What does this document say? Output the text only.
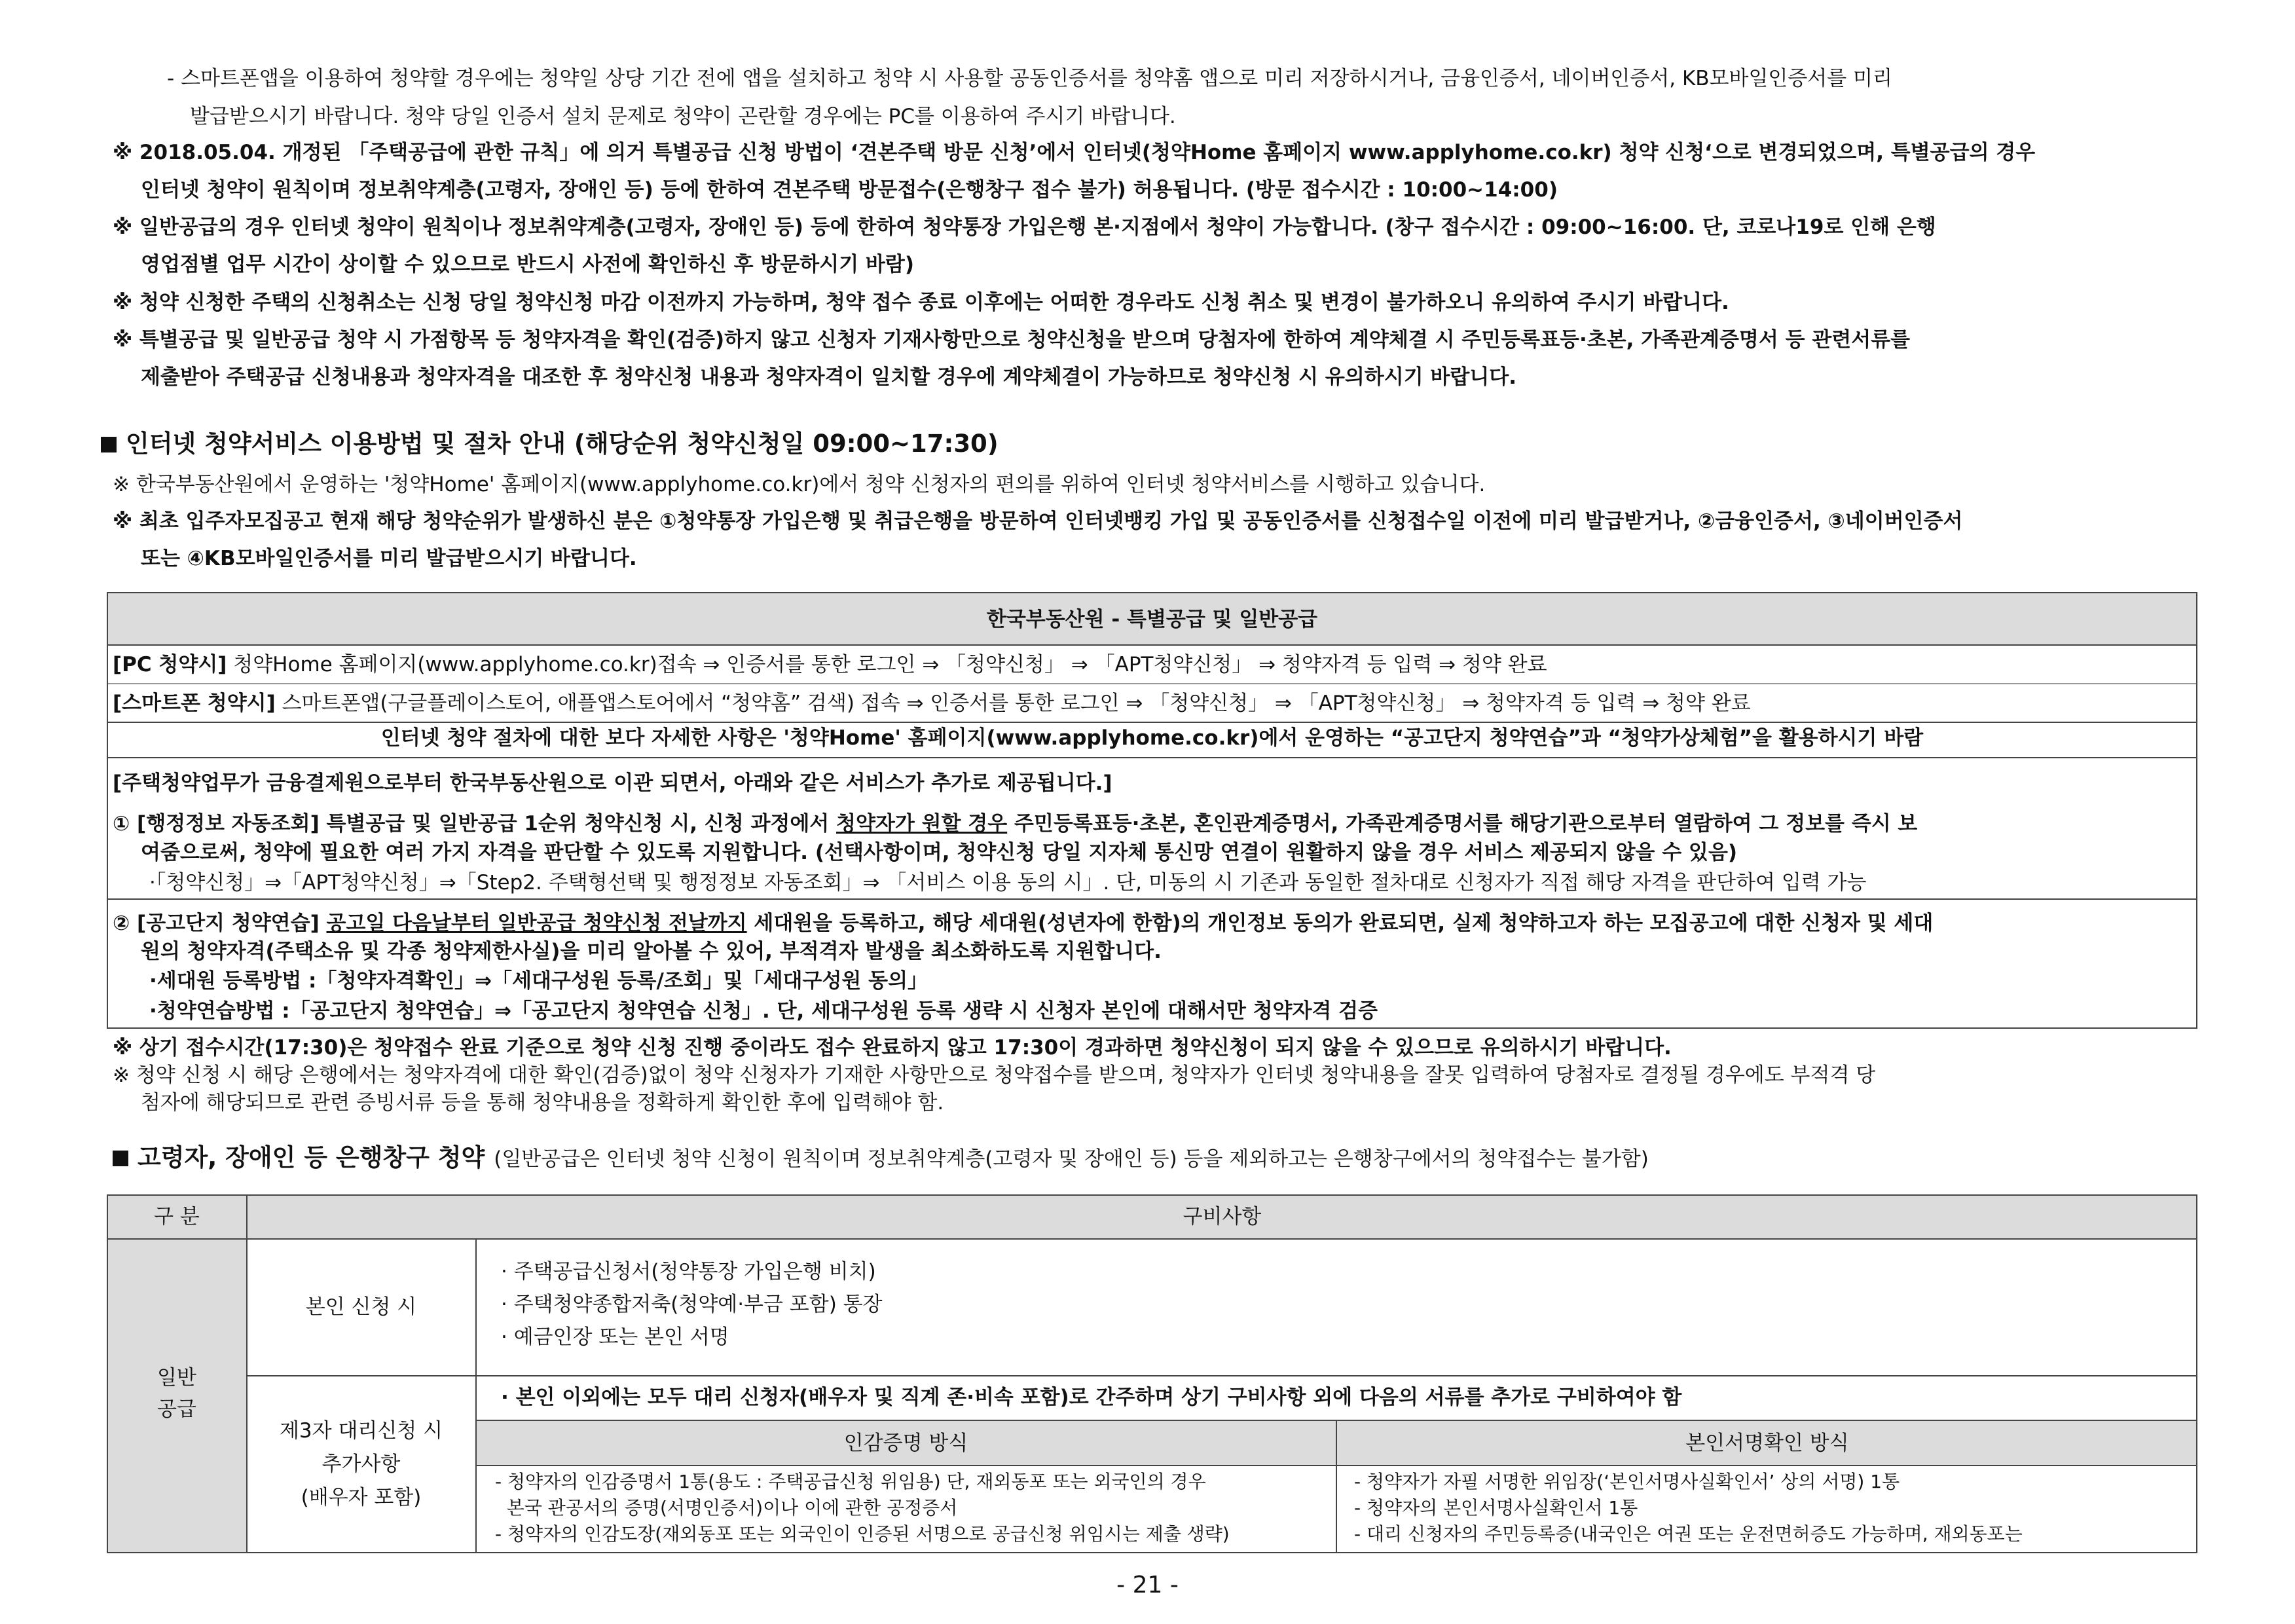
- 스마트폰앱을 이용하여 청약할 경우에는 청약일 상당 기간 전에 앱을 설치하고 청약 시 사용할 공동인증서를 청약홈 앱으로 미리 저장하시거나, 금융인증서, 네이버인증서, KB모바일인증서를 미리
발급받으시기 바랍니다. 청약 당일 인증서 설치 문제로 청약이 곤란할 경우에는 PC를 이용하여 주시기 바랍니다.
※ 2018.05.04. 개정된 「주택공급에 관한 규칙」에 의거 특별공급 신청 방법이 ‘견본주택 방문 신청’에서 인터넷(청약Home 홈페이지 www.applyhome.co.kr) 청약 신청‘으로 변경되었으며, 특별공급의 경우
인터넷 청약이 원칙이며 정보취약계층(고령자, 장애인 등) 등에 한하여 견본주택 방문접수(은행창구 접수 불가) 허용됩니다. (방문 접수시간 : 10:00∼14:00)
※ 일반공급의 경우 인터넷 청약이 원칙이나 정보취약계층(고령자, 장애인 등) 등에 한하여 청약통장 가입은행 본·지점에서 청약이 가능합니다. (창구 접수시간 : 09:00∼16:00. 단, 코로나19로 인해 은행
영업점별 업무 시간이 상이할 수 있으므로 반드시 사전에 확인하신 후 방문하시기 바람)
※ 청약 신청한 주택의 신청취소는 신청 당일 청약신청 마감 이전까지 가능하며, 청약 접수 종료 이후에는 어떠한 경우라도 신청 취소 및 변경이 불가하오니 유의하여 주시기 바랍니다.
※ 특별공급 및 일반공급 청약 시 가점항목 등 청약자격을 확인(검증)하지 않고 신청자 기재사항만으로 청약신청을 받으며 당첨자에 한하여 계약체결 시 주민등록표등·초본, 가족관계증명서 등 관련서류를
제출받아 주택공급 신청내용과 청약자격을 대조한 후 청약신청 내용과 청약자격이 일치할 경우에 계약체결이 가능하므로 청약신청 시 유의하시기 바랍니다.
인터넷 청약서비스 이용방법 및 절차 안내 (해당순위 청약신청일 09:00~17:30)
※ 한국부동산원에서 운영하는 '청약Home' 홈페이지(www.applyhome.co.kr)에서 청약 신청자의 편의를 위하여 인터넷 청약서비스를 시행하고 있습니다.
※ 최초 입주자모집공고 현재 해당 청약순위가 발생하신 분은 ①청약통장 가입은행 및 취급은행을 방문하여 인터넷뱅킹 가입 및 공동인증서를 신청접수일 이전에 미리 발급받거나, ②금융인증서, ③네이버인증서
또는 ④KB모바일인증서를 미리 발급받으시기 바랍니다.
한국부동산원 - 특별공급 및 일반공급
[PC 청약시] 청약Home 홈페이지(www.applyhome.co.kr)접속 ⇒ 인증서를 통한 로그인 ⇒ 「청약신청」 ⇒ 「APT청약신청」 ⇒ 청약자격 등 입력 ⇒ 청약 완료
[스마트폰 청약시] 스마트폰앱(구글플레이스토어, 애플앱스토어에서 “청약홈” 검색) 접속 ⇒ 인증서를 통한 로그인 ⇒ 「청약신청」 ⇒ 「APT청약신청」 ⇒ 청약자격 등 입력 ⇒ 청약 완료
인터넷 청약 절차에 대한 보다 자세한 사항은 '청약Home' 홈페이지(www.applyhome.co.kr)에서 운영하는 “공고단지 청약연습”과 “청약가상체험”을 활용하시기 바람
[주택청약업무가 금융결제원으로부터 한국부동산원으로 이관 되면서, 아래와 같은 서비스가 추가로 제공됩니다.]
① [행정정보 자동조회] 특별공급 및 일반공급 1순위 청약신청 시, 신청 과정에서 청약자가 원할 경우 주민등록표등·초본, 혼인관계증명서, 가족관계증명서를 해당기관으로부터 열람하여 그 정보를 즉시 보
여줌으로써, 청약에 필요한 여러 가지 자격을 판단할 수 있도록 지원합니다. (선택사항이며, 청약신청 당일 지자체 통신망 연결이 원활하지 않을 경우 서비스 제공되지 않을 수 있음)
·「청약신청」⇒「APT청약신청」⇒「Step2. 주택형선택 및 행정정보 자동조회」⇒ 「서비스 이용 동의 시」. 단, 미동의 시 기존과 동일한 절차대로 신청자가 직접 해당 자격을 판단하여 입력 가능
② [공고단지 청약연습] 공고일 다음날부터 일반공급 청약신청 전날까지 세대원을 등록하고, 해당 세대원(성년자에 한함)의 개인정보 동의가 완료되면, 실제 청약하고자 하는 모집공고에 대한 신청자 및 세대
원의 청약자격(주택소유 및 각종 청약제한사실)을 미리 알아볼 수 있어, 부적격자 발생을 최소화하도록 지원합니다.
·세대원 등록방법 :「청약자격확인」⇒「세대구성원 등록/조회」및「세대구성원 동의」
·청약연습방법 :「공고단지 청약연습」⇒「공고단지 청약연습 신청」. 단, 세대구성원 등록 생략 시 신청자 본인에 대해서만 청약자격 검증
※ 상기 접수시간(17:30)은 청약접수 완료 기준으로 청약 신청 진행 중이라도 접수 완료하지 않고 17:30이 경과하면 청약신청이 되지 않을 수 있으므로 유의하시기 바랍니다.
※ 청약 신청 시 해당 은행에서는 청약자격에 대한 확인(검증)없이 청약 신청자가 기재한 사항만으로 청약접수를 받으며, 청약자가 인터넷 청약내용을 잘못 입력하여 당첨자로 결정될 경우에도 부적격 당
첨자에 해당되므로 관련 증빙서류 등을 통해 청약내용을 정확하게 확인한 후에 입력해야 함.
고령자, 장애인 등 은행창구 청약 (일반공급은 인터넷 청약 신청이 원칙이며 정보취약계층(고령자 및 장애인 등) 등을 제외하고는 은행창구에서의 청약접수는 불가함)
구 분	구비사항
일반
공급
본인 신청 시
· 주택공급신청서(청약통장 가입은행 비치)
· 주택청약종합저축(청약예·부금 포함) 통장
· 예금인장 또는 본인 서명
제3자 대리신청 시
추가사항
(배우자 포함)
· 본인 이외에는 모두 대리 신청자(배우자 및 직계 존·비속 포함)로 간주하며 상기 구비사항 외에 다음의 서류를 추가로 구비하여야 함
인감증명 방식	본인서명확인 방식
- 청약자의 인감증명서 1통(용도 : 주택공급신청 위임용) 단, 재외동포 또는 외국인의 경우
본국 관공서의 증명(서명인증서)이나 이에 관한 공정증서
- 청약자의 인감도장(재외동포 또는 외국인이 인증된 서명으로 공급신청 위임시는 제출 생략)
- 청약자가 자필 서명한 위임장(‘본인서명사실확인서’ 상의 서명) 1통
- 청약자의 본인서명사실확인서 1통
- 대리 신청자의 주민등록증(내국인은 여권 또는 운전면허증도 가능하며, 재외동포는
- 21 -
